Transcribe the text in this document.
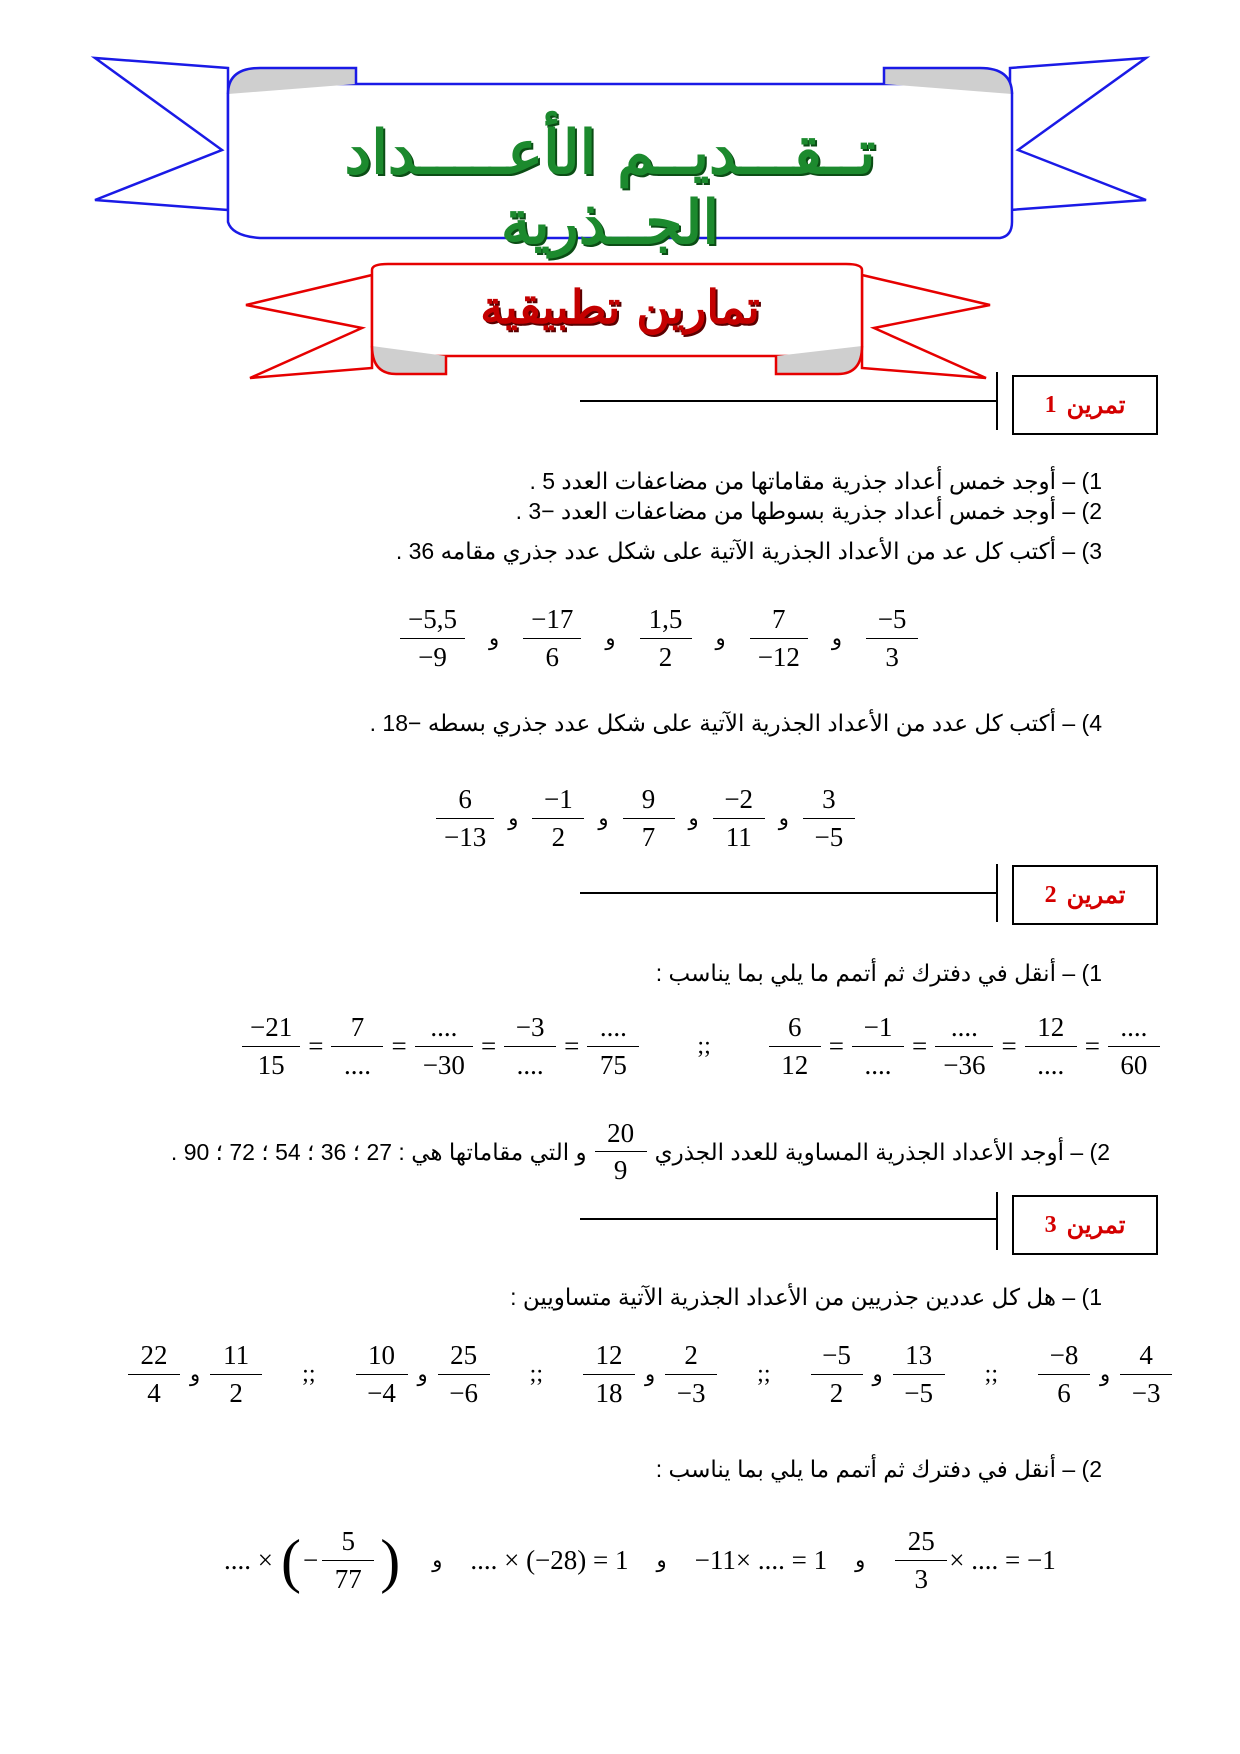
تــقـــديــم الأعـــــداد الجــذرية
تمارين تطبيقية
تمرين
1
1) – أوجد خمس أعداد جذرية مقاماتها من مضاعفات العدد 5 .
2) – أوجد خمس أعداد جذرية بسوطها من مضاعفات العدد −3 .
3) – أكتب كل عد من الأعداد الجذرية الآتية على شكل عدد جذري مقامه 36 .
−5,5
−9
و
−17
6
و
1,5
2
و
7
−12
و
−5
3
4) – أكتب كل عدد من الأعداد الجذرية الآتية على شكل عدد جذري بسطه −18 .
6
−13
و
−1
2
و
9
7
و
−2
11
و
3
−5
تمرين
2
1) – أنقل في دفترك ثم أتمم ما يلي بما يناسب :
$\frac{-21}{15}$ =
7
....
=
....
−30
=
−3
....
=
....
75
;; $\frac{6}{12}$ =
−1
....
=
....
−36
=
12
....
=
....
60
2) – أوجد الأعداد الجذرية المساوية للعدد الجذري
20
9
و التي مقاماتها هي : 27 ؛ 36 ؛ 54 ؛ 72 ؛ 90 .
تمرين
3
1) – هل كل عددين جذريين من الأعداد الجذرية الآتية متساويين :
22
4
و
11
2
;;
10
−4
و
25
−6
;;
12
18
و
2
−3
;;
−5
2
و
13
−5
;;
−8
6
و
4
−3
2) – أنقل في دفترك ثم أتمم ما يلي بما يناسب :
.... × ( − $\frac{5}{77}$ ) و .... × (−28) = 1 و −11× .... = 1 و $\frac{25}{3}$ × .... = −1
